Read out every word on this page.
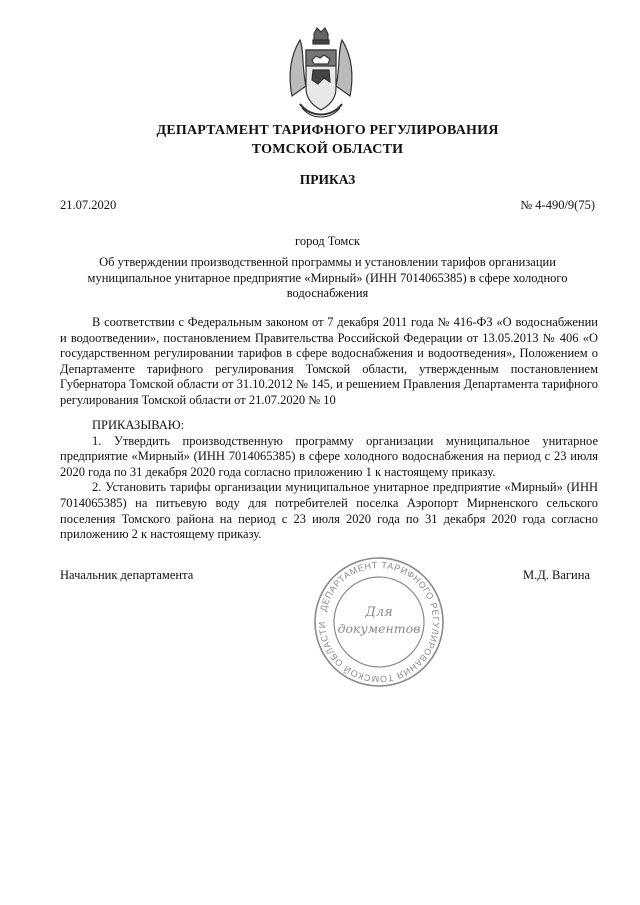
ДЕПАРТАМЕНТ ТАРИФНОГО РЕГУЛИРОВАНИЯ
ТОМСКОЙ ОБЛАСТИ
ПРИКАЗ
21.07.2020	№ 4-490/9(75)
город Томск
Об утверждении производственной программы и установлении тарифов организации муниципальное унитарное предприятие «Мирный» (ИНН 7014065385) в сфере холодного водоснабжения

В соответствии с Федеральным законом от 7 декабря 2011 года № 416-ФЗ «О водоснабжении и водоотведении», постановлением Правительства Российской Федерации от 13.05.2013 № 406 «О государственном регулировании тарифов в сфере водоснабжения и водоотведения», Положением о Департаменте тарифного регулирования Томской области, утвержденным постановлением Губернатора Томской области от 31.10.2012 № 145, и решением Правления Департамента тарифного регулирования Томской области от 21.07.2020 № 10

ПРИКАЗЫВАЮ:

1. Утвердить производственную программу организации муниципальное унитарное предприятие «Мирный» (ИНН 7014065385) в сфере холодного водоснабжения на период с 23 июля 2020 года по 31 декабря 2020 года согласно приложению 1 к настоящему приказу.

2. Установить тарифы организации муниципальное унитарное предприятие «Мирный» (ИНН 7014065385) на питьевую воду для потребителей поселка Аэропорт Мирненского сельского поселения Томского района на период с 23 июля 2020 года по 31 декабря 2020 года согласно приложению 2 к настоящему приказу.

Начальник департамента	М.Д. Вагина
ДЕПАРТАМЕНТ ТАРИФНОГО РЕГУЛИРОВАНИЯ ТОМСКОЙ ОБЛАСТИ
Для
документов
